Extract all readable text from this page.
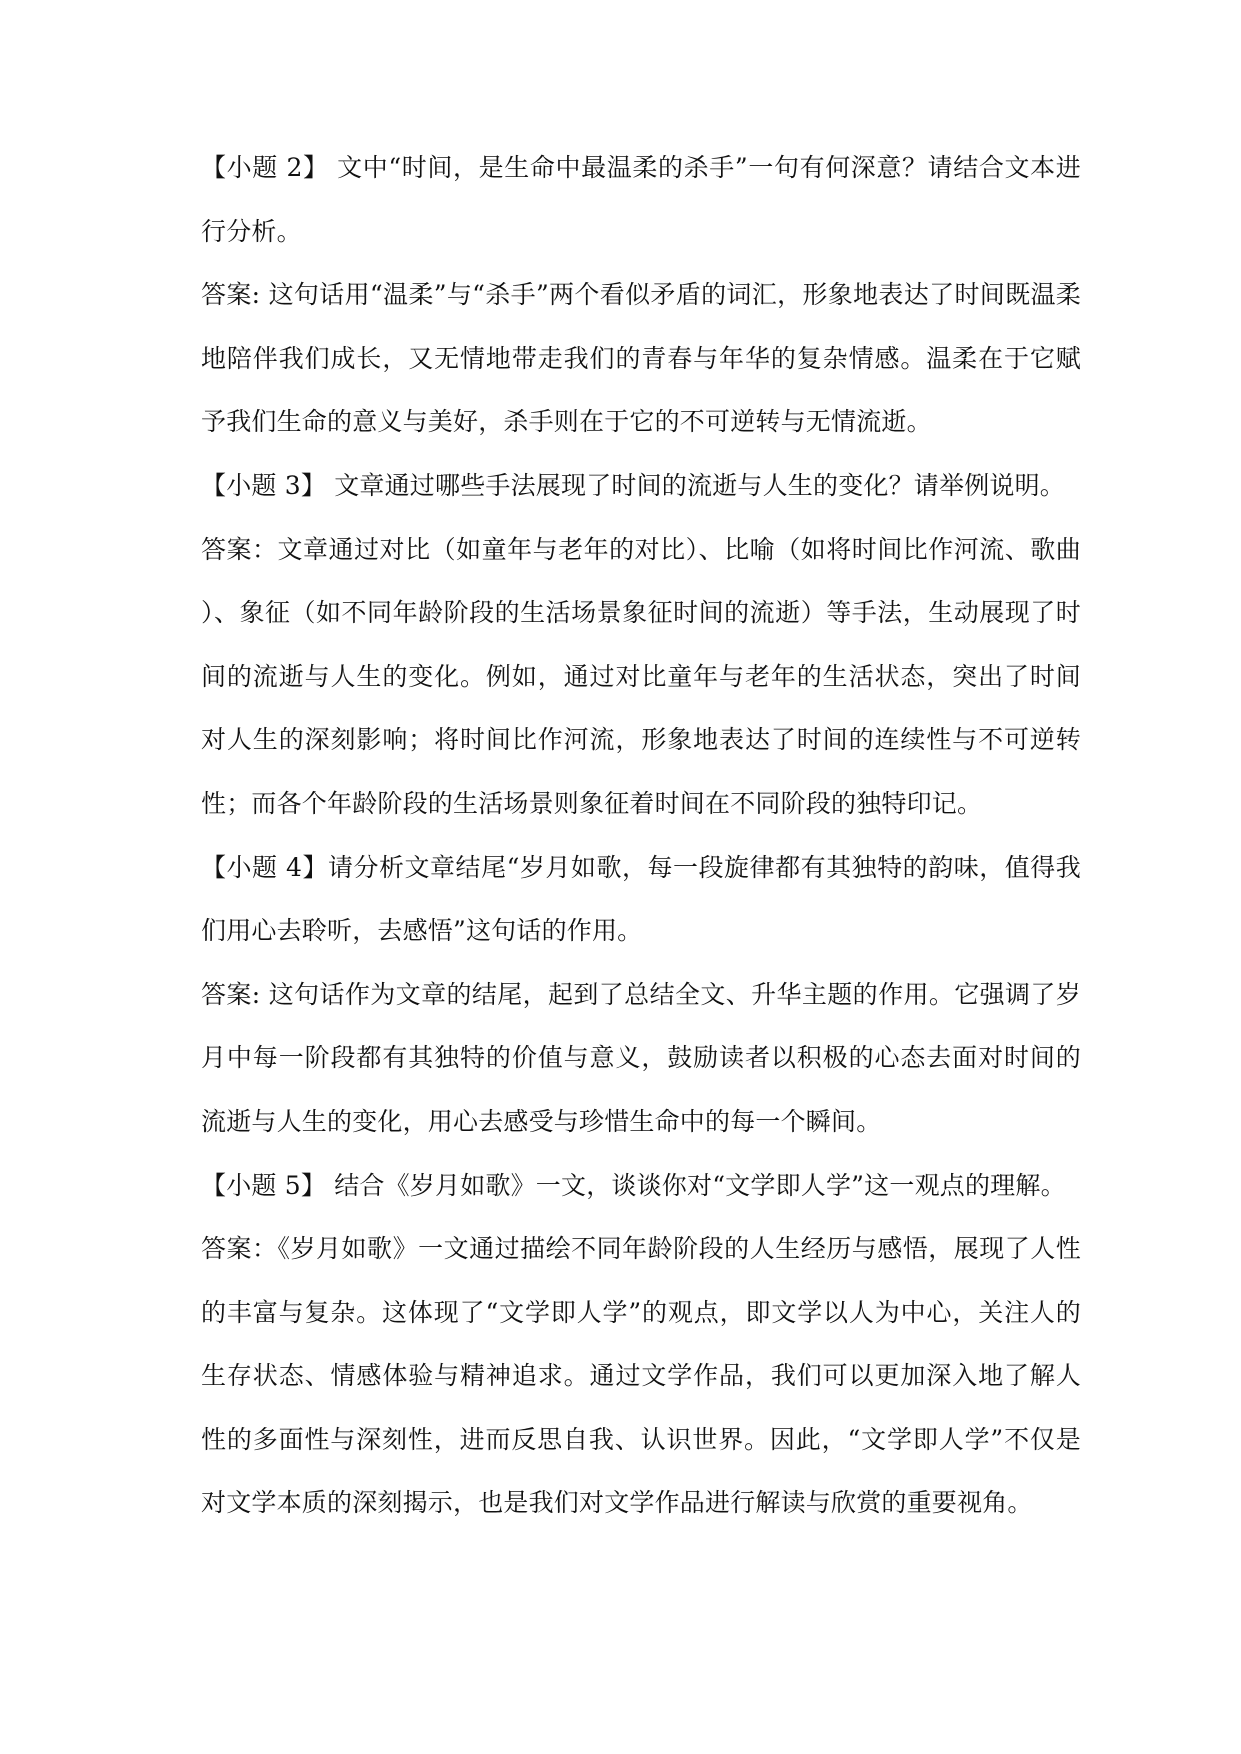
【小题 2】 文中“时间，是生命中最温柔的杀手”一句有何深意？请结合文本进行分析。

答案: 这句话用“温柔”与“杀手”两个看似矛盾的词汇，形象地表达了时间既温柔地陪伴我们成长，又无情地带走我们的青春与年华的复杂情感。温柔在于它赋予我们生命的意义与美好，杀手则在于它的不可逆转与无情流逝。

【小题 3】 文章通过哪些手法展现了时间的流逝与人生的变化？请举例说明。

答案：文章通过对比（如童年与老年的对比）、比喻（如将时间比作河流、歌曲）、象征（如不同年龄阶段的生活场景象征时间的流逝）等手法，生动展现了时间的流逝与人生的变化。例如，通过对比童年与老年的生活状态，突出了时间对人生的深刻影响；将时间比作河流，形象地表达了时间的连续性与不可逆转性；而各个年龄阶段的生活场景则象征着时间在不同阶段的独特印记。

【小题 4】请分析文章结尾“岁月如歌，每一段旋律都有其独特的韵味，值得我们用心去聆听，去感悟”这句话的作用。

答案: 这句话作为文章的结尾，起到了总结全文、升华主题的作用。它强调了岁月中每一阶段都有其独特的价值与意义，鼓励读者以积极的心态去面对时间的流逝与人生的变化，用心去感受与珍惜生命中的每一个瞬间。

【小题 5】 结合《岁月如歌》一文，谈谈你对“文学即人学”这一观点的理解。

答案：《岁月如歌》一文通过描绘不同年龄阶段的人生经历与感悟，展现了人性的丰富与复杂。这体现了“文学即人学”的观点，即文学以人为中心，关注人的生存状态、情感体验与精神追求。通过文学作品，我们可以更加深入地了解人性的多面性与深刻性，进而反思自我、认识世界。因此，“文学即人学”不仅是对文学本质的深刻揭示，也是我们对文学作品进行解读与欣赏的重要视角。
